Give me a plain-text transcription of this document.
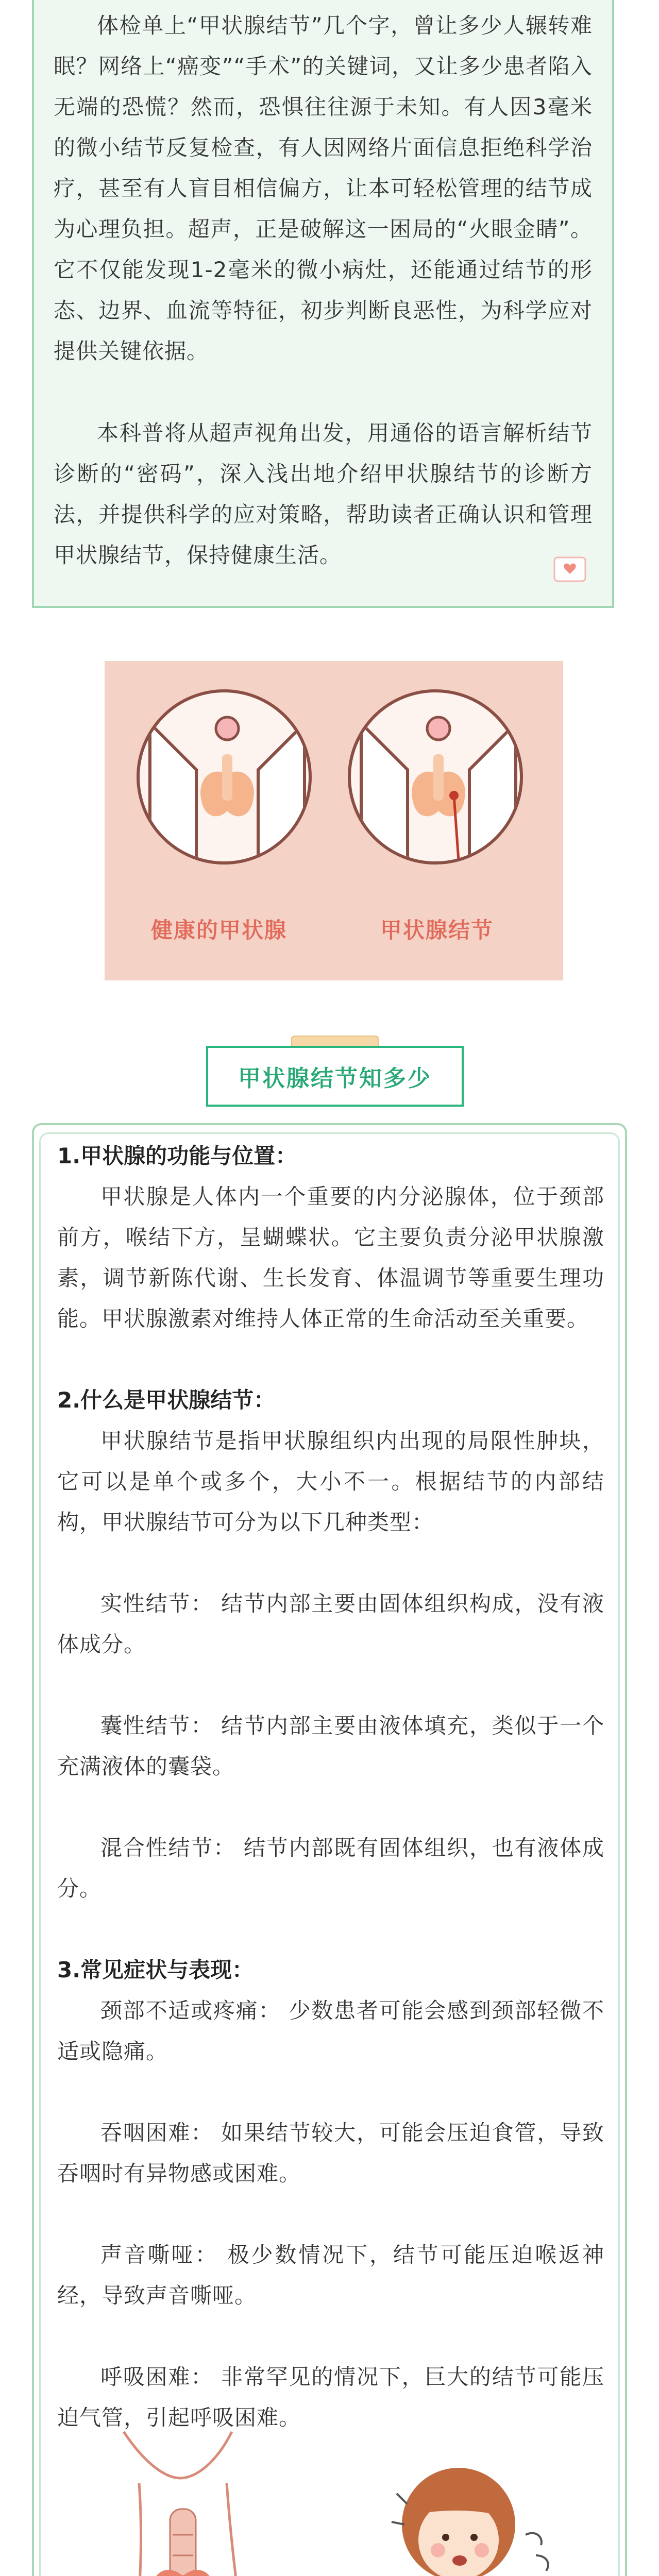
体检单上“甲状腺结节”几个字，曾让多少人辗转难眠？网络上“癌变”“手术”的关键词，又让多少患者陷入无端的恐慌？然而，恐惧往往源于未知。有人因3毫米的微小结节反复检查，有人因网络片面信息拒绝科学治疗，甚至有人盲目相信偏方，让本可轻松管理的结节成为心理负担。超声，正是破解这一困局的“火眼金睛”。它不仅能发现1-2毫米的微小病灶，还能通过结节的形态、边界、血流等特征，初步判断良恶性，为科学应对提供关键依据。

本科普将从超声视角出发，用通俗的语言解析结节诊断的“密码”，深入浅出地介绍甲状腺结节的诊断方法，并提供科学的应对策略，帮助读者正确认识和管理甲状腺结节，保持健康生活。

健康的甲状腺	甲状腺结节
甲状腺结节知多少

1.甲状腺的功能与位置：

甲状腺是人体内一个重要的内分泌腺体，位于颈部前方，喉结下方，呈蝴蝶状。它主要负责分泌甲状腺激素，调节新陈代谢、生长发育、体温调节等重要生理功能。甲状腺激素对维持人体正常的生命活动至关重要。

2.什么是甲状腺结节：

甲状腺结节是指甲状腺组织内出现的局限性肿块，它可以是单个或多个，大小不一。根据结节的内部结构，甲状腺结节可分为以下几种类型：

实性结节： 结节内部主要由固体组织构成，没有液体成分。

囊性结节： 结节内部主要由液体填充，类似于一个充满液体的囊袋。

混合性结节： 结节内部既有固体组织，也有液体成分。

3.常见症状与表现：

颈部不适或疼痛： 少数患者可能会感到颈部轻微不适或隐痛。

吞咽困难： 如果结节较大，可能会压迫食管，导致吞咽时有异物感或困难。

声音嘶哑： 极少数情况下，结节可能压迫喉返神经，导致声音嘶哑。

呼吸困难： 非常罕见的情况下，巨大的结节可能压迫气管，引起呼吸困难。
